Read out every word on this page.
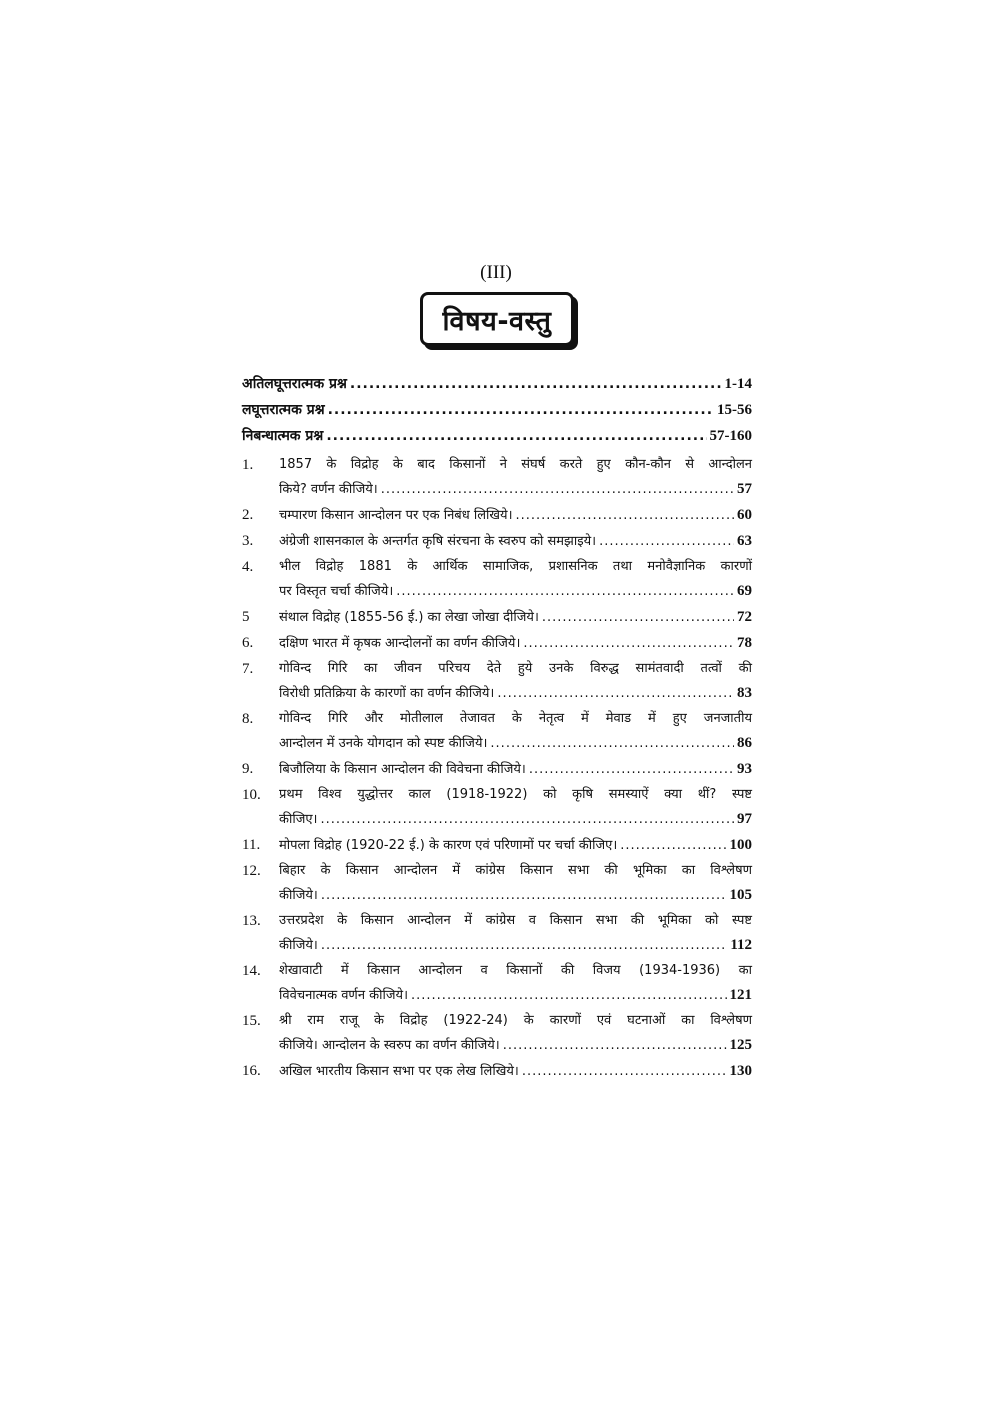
(III)
विषय-वस्तु
अतिलघूत्तरात्मक प्रश्न .....	1-14
लघूत्तरात्मक प्रश्न .....	15-56
निबन्धात्मक प्रश्न .....	57-160
1.	1857 के विद्रोह के बाद किसानों ने संघर्ष करते हुए कौन-कौन से आन्दोलन
किये? वर्णन कीजिये। .....	57
2.	चम्पारण किसान आन्दोलन पर एक निबंध लिखिये। .....	60
3.	अंग्रेजी शासनकाल के अन्तर्गत कृषि संरचना के स्वरुप को समझाइये। .....	63
4.	भील विद्रोह 1881 के आर्थिक सामाजिक, प्रशासनिक तथा मनोवैज्ञानिक कारणों
पर विस्तृत चर्चा कीजिये। .....	69
5	संथाल विद्रोह (1855-56 ई.) का लेखा जोखा दीजिये। .....	72
6.	दक्षिण भारत में कृषक आन्दोलनों का वर्णन कीजिये। .....	78
7.	गोविन्द गिरि का जीवन परिचय देते हुये उनके विरुद्ध सामंतवादी तत्वों की
विरोधी प्रतिक्रिया के कारणों का वर्णन कीजिये। .....	83
8.	गोविन्द गिरि और मोतीलाल तेजावत के नेतृत्व में मेवाड में हुए जनजातीय
आन्दोलन में उनके योगदान को स्पष्ट कीजिये। .....	86
9.	बिजौलिया के किसान आन्दोलन की विवेचना कीजिये। .....	93
10.	प्रथम विश्व युद्धोत्तर काल (1918-1922) को कृषि समस्याऐं क्या थीं? स्पष्ट
कीजिए। .....	97
11.	मोपला विद्रोह (1920-22 ई.) के कारण एवं परिणामों पर चर्चा कीजिए। .....	100
12.	बिहार के किसान आन्दोलन में कांग्रेस किसान सभा की भूमिका का विश्लेषण
कीजिये। .....	105
13.	उत्तरप्रदेश के किसान आन्दोलन में कांग्रेस व किसान सभा की भूमिका को स्पष्ट
कीजिये। .....	112
14.	शेखावाटी में किसान आन्दोलन व किसानों की विजय (1934-1936) का
विवेचनात्मक वर्णन कीजिये। .....	121
15.	श्री राम राजू के विद्रोह (1922-24) के कारणों एवं घटनाओं का विश्लेषण
कीजिये। आन्दोलन के स्वरुप का वर्णन कीजिये। .....	125
16.	अखिल भारतीय किसान सभा पर एक लेख लिखिये। .....	130
